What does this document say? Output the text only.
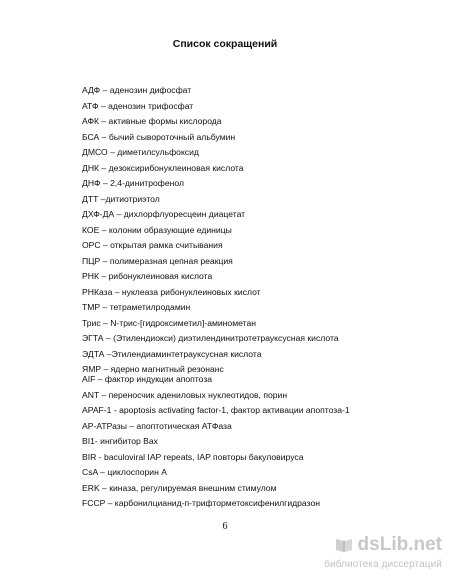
Список сокращений
АДФ – аденозин дифосфат
АТФ – аденозин трифосфат
АФК – активные формы кислорода
БСА – бычий сывороточный альбумин
ДМСО – диметилсульфоксид
ДНК – дезоксирибонуклеиновая кислота
ДНФ – 2,4-динитрофенол
ДТТ –дитиотриэтол
ДХФ-ДА – дихлорфлуоресцеин диацетат
КОЕ – колонии образующие единицы
ОРС – открытая рамка считывания
ПЦР – полимеразная цепная реакция
РНК – рибонуклеиновая кислота
РНКаза – нуклеаза рибонуклеиновых кислот
ТМР – тетраметилродамин
Трис – N-трис-[гидроксиметил]-аминометан
ЭГТА – (Этилендиокси) диэтилендинитротетрауксусная кислота
ЭДТА –Этилендиаминтетрауксусная кислота
ЯМР – ядерно магнитный резонанс
AIF – фактор индукции апоптоза
ANT – переносчик адениловых нуклеотидов, порин
APAF-1 - apoptosis activating factor-1, фактор активации апоптоза-1
AP-АТРазы – апоптотическая АТФаза
BI1- ингибитор Bax
BIR - baculoviral IAP repeats, IAP повторы бакуловируса
CsA – циклоспорин А
ERK – киназа, регулируемая внешним стимулом
FCCP – карбонилцианид-п-трифторметоксифенилгидразон
6
dsLib.net
библиотека диссертаций
